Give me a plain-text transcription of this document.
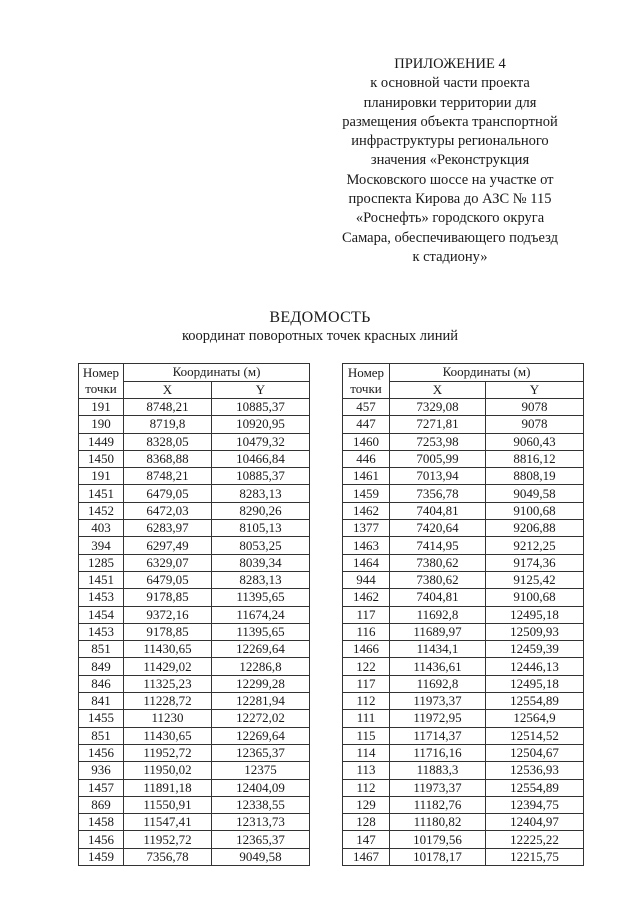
ПРИЛОЖЕНИЕ 4
к основной части проекта
планировки территории для
размещения объекта транспортной
инфраструктуры регионального
значения «Реконструкция
Московского шоссе на участке от
проспекта Кирова до АЗС № 115
«Роснефть» городского округа
Самара, обеспечивающего подъезд
к стадиону»
ВЕДОМОСТЬ
координат поворотных точек красных линий
Номер
точки	Координаты (м)	
	X	Y
191	8748,21	10885,37
190	8719,8	10920,95
1449	8328,05	10479,32
1450	8368,88	10466,84
191	8748,21	10885,37
1451	6479,05	8283,13
1452	6472,03	8290,26
403	6283,97	8105,13
394	6297,49	8053,25
1285	6329,07	8039,34
1451	6479,05	8283,13
1453	9178,85	11395,65
1454	9372,16	11674,24
1453	9178,85	11395,65
851	11430,65	12269,64
849	11429,02	12286,8
846	11325,23	12299,28
841	11228,72	12281,94
1455	11230	12272,02
851	11430,65	12269,64
1456	11952,72	12365,37
936	11950,02	12375
1457	11891,18	12404,09
869	11550,91	12338,55
1458	11547,41	12313,73
1456	11952,72	12365,37
1459	7356,78	9049,58
Номер
точки	Координаты (м)	
	X	Y
457	7329,08	9078
447	7271,81	9078
1460	7253,98	9060,43
446	7005,99	8816,12
1461	7013,94	8808,19
1459	7356,78	9049,58
1462	7404,81	9100,68
1377	7420,64	9206,88
1463	7414,95	9212,25
1464	7380,62	9174,36
944	7380,62	9125,42
1462	7404,81	9100,68
117	11692,8	12495,18
116	11689,97	12509,93
1466	11434,1	12459,39
122	11436,61	12446,13
117	11692,8	12495,18
112	11973,37	12554,89
111	11972,95	12564,9
115	11714,37	12514,52
114	11716,16	12504,67
113	11883,3	12536,93
112	11973,37	12554,89
129	11182,76	12394,75
128	11180,82	12404,97
147	10179,56	12225,22
1467	10178,17	12215,75
